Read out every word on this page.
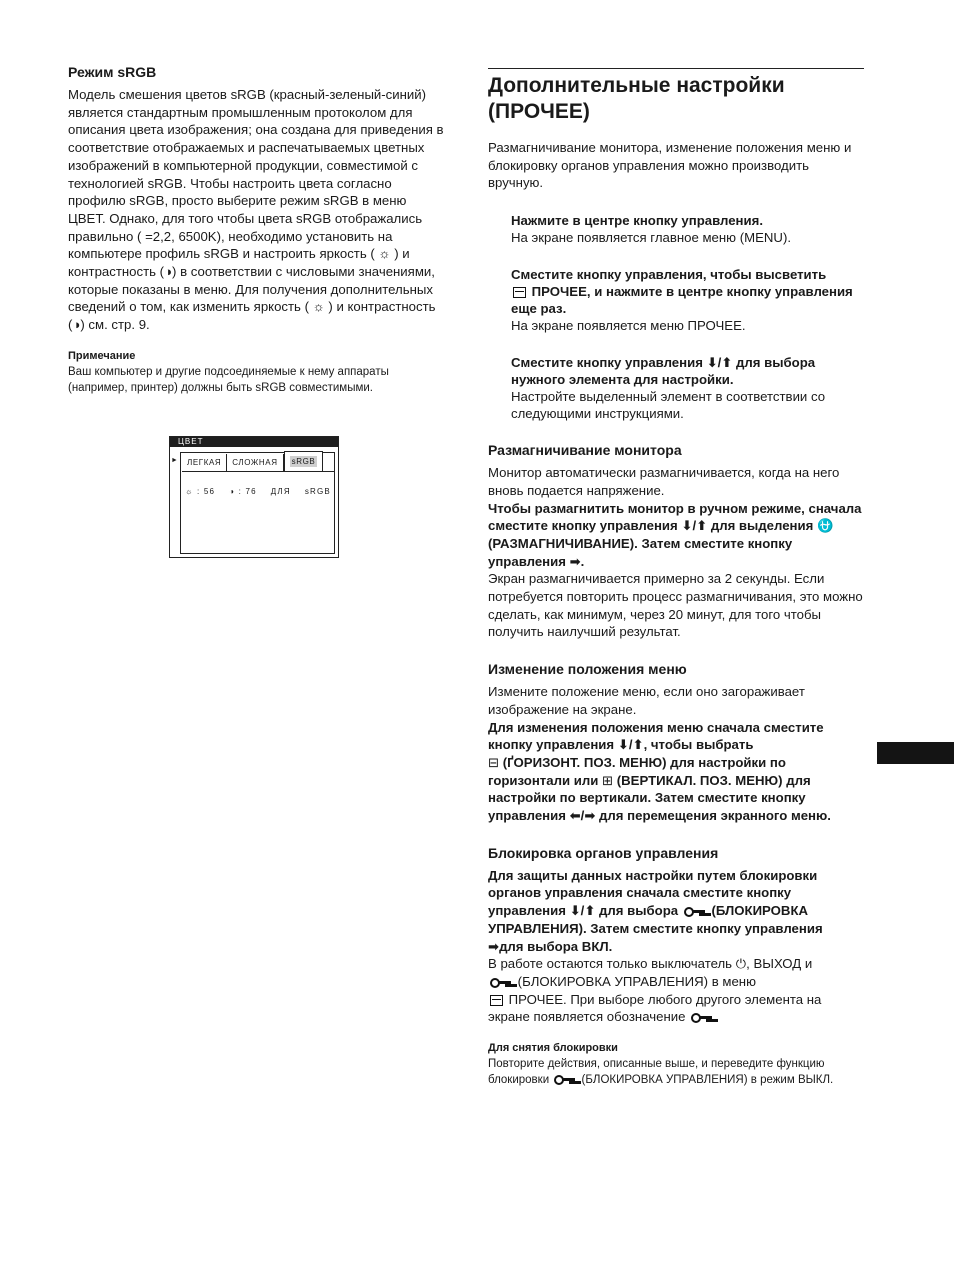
Режим sRGB

Модель смешения цветов sRGB (красный-зеленый-синий) является стандартным промышленным протоколом для описания цвета изображения; она создана для приведения в соответствие отображаемых и распечатываемых цветных изображений в компьютерной продукции, совместимой с технологией sRGB. Чтобы настроить цвета согласно профилю sRGB, просто выберите режим sRGB в меню ЦВЕТ. Однако, для того чтобы цвета sRGB отображались правильно ( =2,2, 6500K), необходимо установить на компьютере профиль sRGB и настроить яркость ( ☼ ) и контрастность (◑) в соответствии с числовыми значениями, которые показаны в меню. Для получения дополнительных сведений о том, как изменить яркость ( ☼ ) и контрастность (◑) см. стр. 9.

Примечание

Ваш компьютер и другие подсоединяемые к нему аппараты (например, принтер) должны быть sRGB совместимыми.

ЦВЕТ
►	ЛЕГКАЯ	СЛОЖНАЯ	sRGB
☼ : 56 ◑ : 76 ДЛЯ sRGB
Дополнительные настройки (ПРОЧЕЕ)

Размагничивание монитора, изменение положения меню и блокировку органов управления можно производить вручную.

Нажмите в центре кнопку управления.
На экране появляется главное меню (MENU).
Сместите кнопку управления, чтобы высветить
ПРОЧЕЕ, и нажмите в центре кнопку управления еще раз.
На экране появляется меню ПРОЧЕЕ.
Сместите кнопку управления ⬇/⬆ для выбора нужного элемента для настройки.
Настройте выделенный элемент в соответствии со следующими инструкциями.

Размагничивание монитора

Монитор автоматически размагничивается, когда на него вновь подается напряжение.
Чтобы размагнитить монитор в ручном режиме, сначала сместите кнопку управления ⬇/⬆ для выделения ⛎ (РАЗМАГНИЧИВАНИЕ). Затем сместите кнопку управления ➡.
Экран размагничивается примерно за 2 секунды. Если потребуется повторить процесс размагничивания, это можно сделать, как минимум, через 20 минут, для того чтобы получить наилучший результат.

Изменение положения меню

Измените положение меню, если оно загораживает изображение на экране.
Для изменения положения меню сначала сместите кнопку управления ⬇/⬆, чтобы выбрать
⊟ (ҐОРИЗОНТ. ПОЗ. МЕНЮ) для настройки по горизонтали или ⊞ (ВЕРТИКАЛ. ПОЗ. МЕНЮ) для настройки по вертикали. Затем сместите кнопку управления ⬅/➡ для перемещения экранного меню.

Блокировка органов управления

Для защиты данных настройки путем блокировки органов управления сначала сместите кнопку управления ⬇/⬆ для выбора	(БЛОКИРОВКА УПРАВЛЕНИЯ). Затем сместите кнопку управления
➡для выбора ВКЛ.
В работе остаются только выключатель ⏻, ВЫХОД и
(БЛОКИРОВКА УПРАВЛЕНИЯ) в меню
ПРОЧЕЕ. При выборе любого другого элемента на экране появляется обозначение .

Для снятия блокировки

Повторите действия, описанные выше, и переведите функцию блокировки	(БЛОКИРОВКА УПРАВЛЕНИЯ) в режим ВЫКЛ.
